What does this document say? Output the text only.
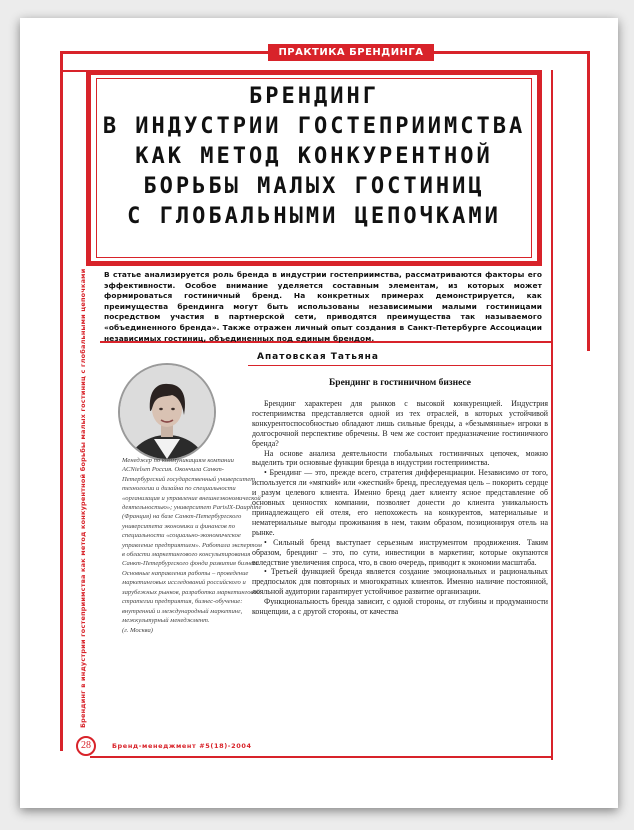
ПРАКТИКА БРЕНДИНГА
БРЕНДИНГ
В ИНДУСТРИИ ГОСТЕПРИИМСТВА
КАК МЕТОД КОНКУРЕНТНОЙ
БОРЬБЫ МАЛЫХ ГОСТИНИЦ
С ГЛОБАЛЬНЫМИ ЦЕПОЧКАМИ
В статье анализируется роль бренда в индустрии гостеприимства, рассматриваются факторы его эффективности. Особое внимание уделяется составным элементам, из которых может формироваться гостиничный бренд. На конкретных примерах демонстрируется, как преимущества брендинга могут быть использованы независимыми малыми гостиницами посредством участия в партнерской сети, приводятся преимущества так называемого «объединенного бренда». Также отражен личный опыт создания в Санкт-Петербурге Ассоциации независимых гостиниц, объединенных под единым брендом.
Брендинг в индустрии гостеприимства как метод конкурентной борьбы малых гостиниц с глобальными цепочками	Апатовская Татьяна
Менеджер по коммуникациям компании ACNielsen Россия. Окончила Санкт-Петербургский государственный университет технологии и дизайна по специальности «организация и управление внешнеэкономической деятельностью»; университет ParisIX-Dauphine (Франция) на базе Санкт-Петербургского университета экономики и финансов по специальности «социально-экономическое управление предприятием». Работала экспертом в области маркетингового консультирования Санкт-Петербургского фонда развития бизнеса. Основные направления работы – проведение маркетинговых исследований российского и зарубежных рынков, разработка маркетинговой стратегии предприятия, бизнес-обучение: внутренний и международный маркетинг, межкультурный менеджмент.
(г. Москва)
Брендинг в гостиничном бизнесе

Брендинг характерен для рынков с высокой конкуренцией. Индустрия гостеприимства представляется одной из тех отраслей, в которых устойчивой конкурентоспособностью обладают лишь сильные бренды, а «безымянные» игроки в долгосрочной перспективе обречены. В чем же состоит предназначение гостиничного бренда?

На основе анализа деятельности глобальных гостиничных цепочек, можно выделить три основные функции бренда в индустрии гостеприимства.

• Брендинг — это, прежде всего, стратегия дифференциации. Независимо от того, используется ли «мягкий» или «жесткий» бренд, преследуемая цель – покорить сердце и разум целевого клиента. Именно бренд дает клиенту ясное представление об основных ценностях компании, позволяет донести до клиента уникальность принадлежащего ей отеля, его непохожесть на конкурентов, материальные и нематериальные выгоды проживания в нем, таким образом, позиционируя отель на рынке.

• Сильный бренд выступает серьезным инструментом продвижения. Таким образом, брендинг – это, по сути, инвестиции в маркетинг, которые окупаются вследствие увеличения спроса, что, в свою очередь, приводит к экономии масштаба.

• Третьей функцией бренда является создание эмоциональных и рациональных предпосылок для повторных и многократных клиентов. Именно наличие постоянной, лояльной аудитории гарантирует устойчивое развитие организации.

Функциональность бренда зависит, с одной стороны, от глубины и продуманности концепции, а с другой стороны, от качества

28	Бренд-менеджмент #5(18)-2004
